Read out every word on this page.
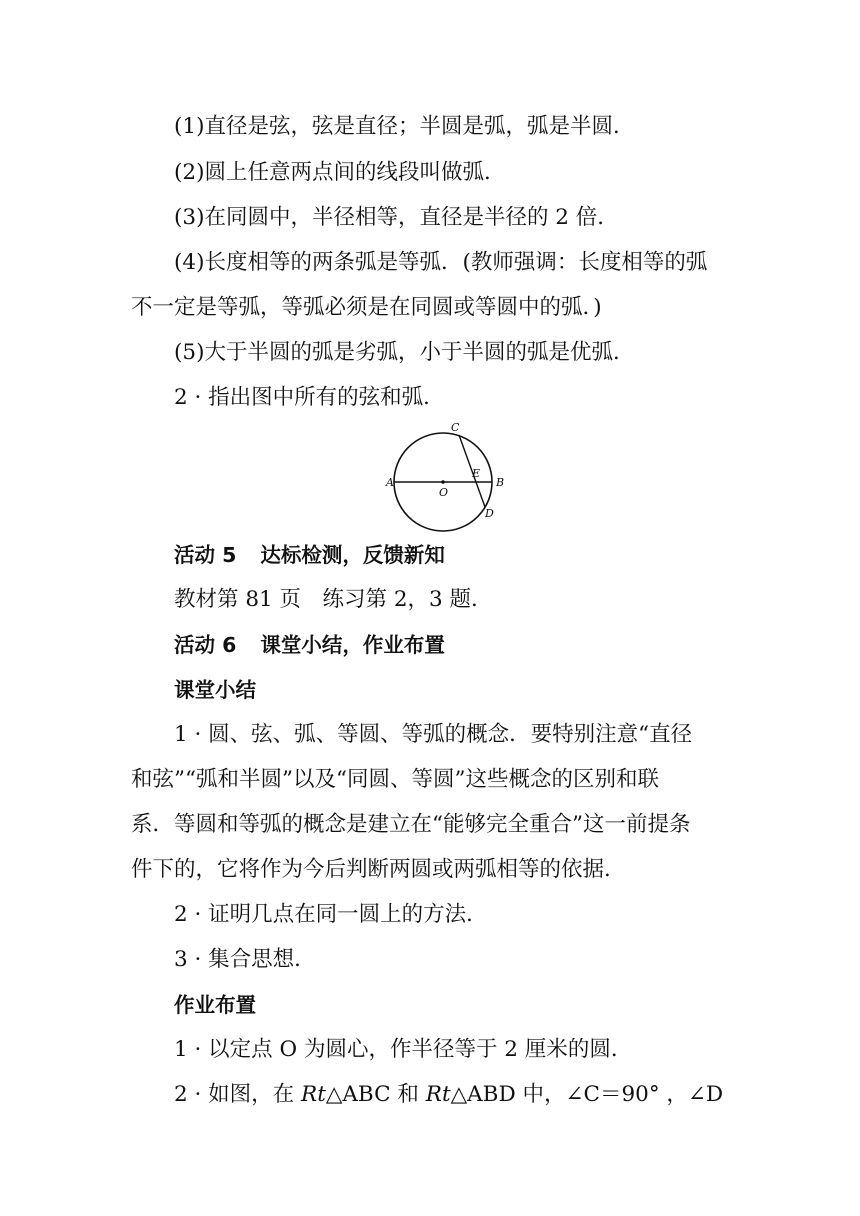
(1)直径是弦，弦是直径；半圆是弧，弧是半圆．
(2)圆上任意两点间的线段叫做弧．
(3)在同圆中，半径相等，直径是半径的 2 倍．
(4)长度相等的两条弧是等弧．(教师强调：长度相等的弧
不一定是等弧，等弧必须是在同圆或等圆中的弧．)
(5)大于半圆的弧是劣弧，小于半圆的弧是优弧．
2 · 指出图中所有的弦和弧．
C
A
O
E
B
D
活动 5 达标检测，反馈新知
教材第 81 页　练习第 2，3 题．
活动 6 课堂小结，作业布置
课堂小结
1 · 圆、弦、弧、等圆、等弧的概念．要特别注意“直径
和弦”“弧和半圆”以及“同圆、等圆”这些概念的区别和联
系．等圆和等弧的概念是建立在“能够完全重合”这一前提条
件下的，它将作为今后判断两圆或两弧相等的依据．
2 · 证明几点在同一圆上的方法．
3 · 集合思想．
作业布置
1 · 以定点 O 为圆心，作半径等于 2 厘米的圆．
2 · 如图，在 Rt△ABC 和 Rt△ABD 中，∠C＝90° ，∠D
